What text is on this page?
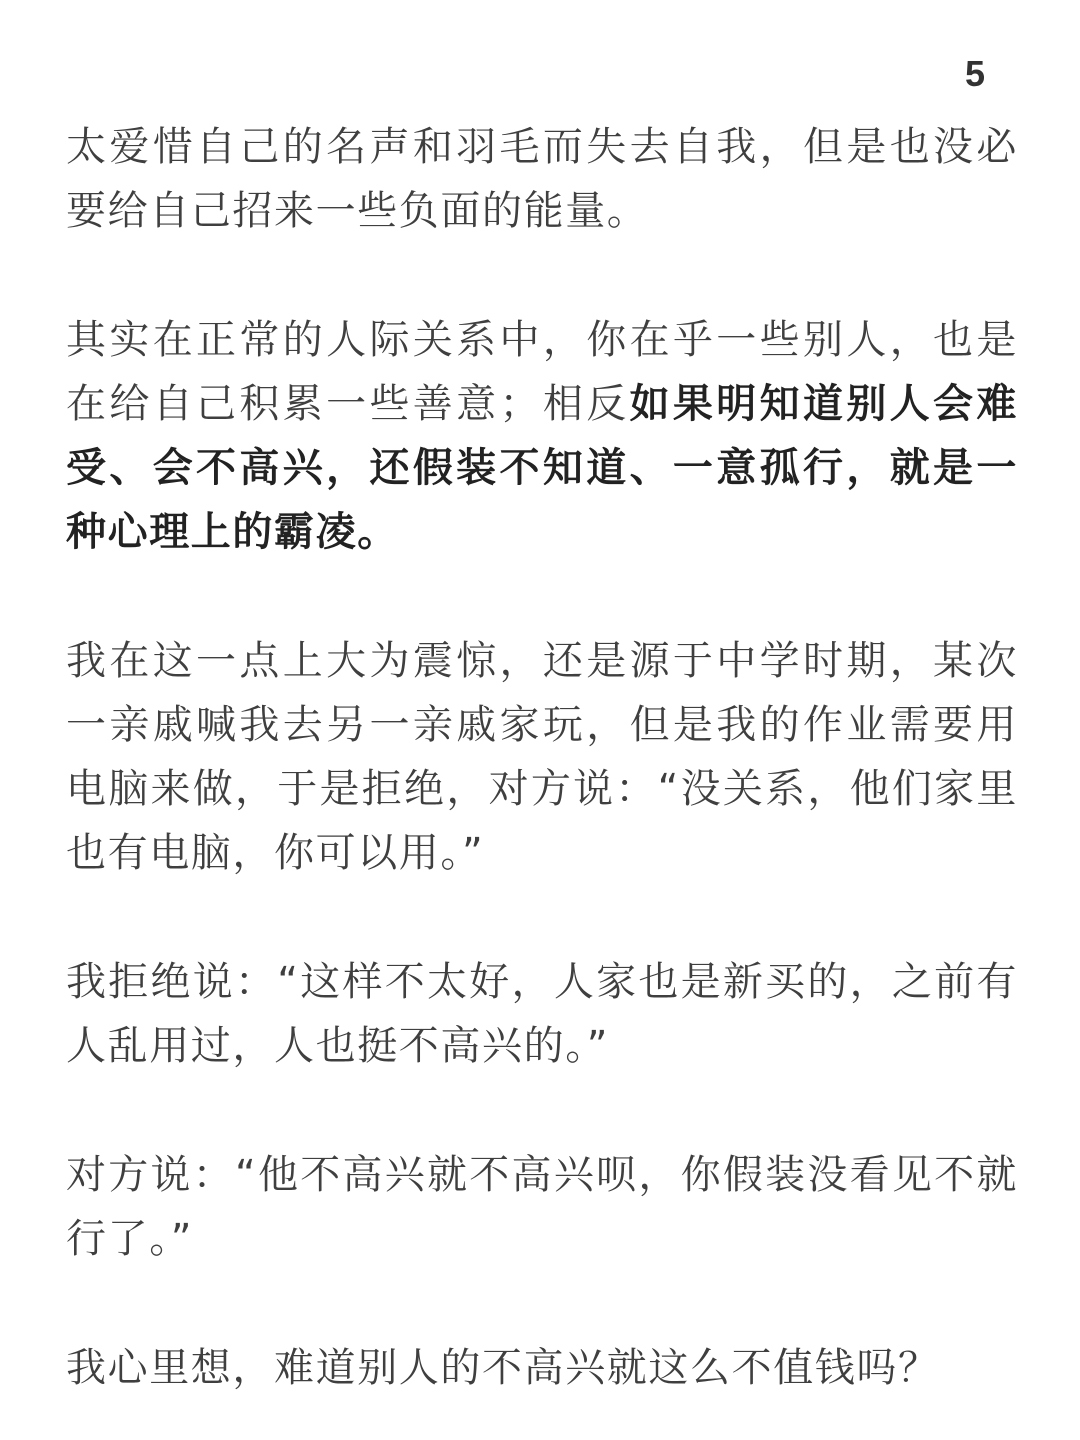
5

太爱惜自己的名声和羽毛而失去自我，但是也没必要给自己招来一些负面的能量。

其实在正常的人际关系中，你在乎一些别人，也是在给自己积累一些善意；相反如果明知道别人会难受、会不高兴，还假装不知道、一意孤行，就是一种心理上的霸凌。

我在这一点上大为震惊，还是源于中学时期，某次一亲戚喊我去另一亲戚家玩，但是我的作业需要用电脑来做，于是拒绝，对方说：“没关系，他们家里也有电脑，你可以用。”

我拒绝说：“这样不太好，人家也是新买的，之前有人乱用过，人也挺不高兴的。”

对方说：“他不高兴就不高兴呗，你假装没看见不就行了。”

我心里想，难道别人的不高兴就这么不值钱吗？
